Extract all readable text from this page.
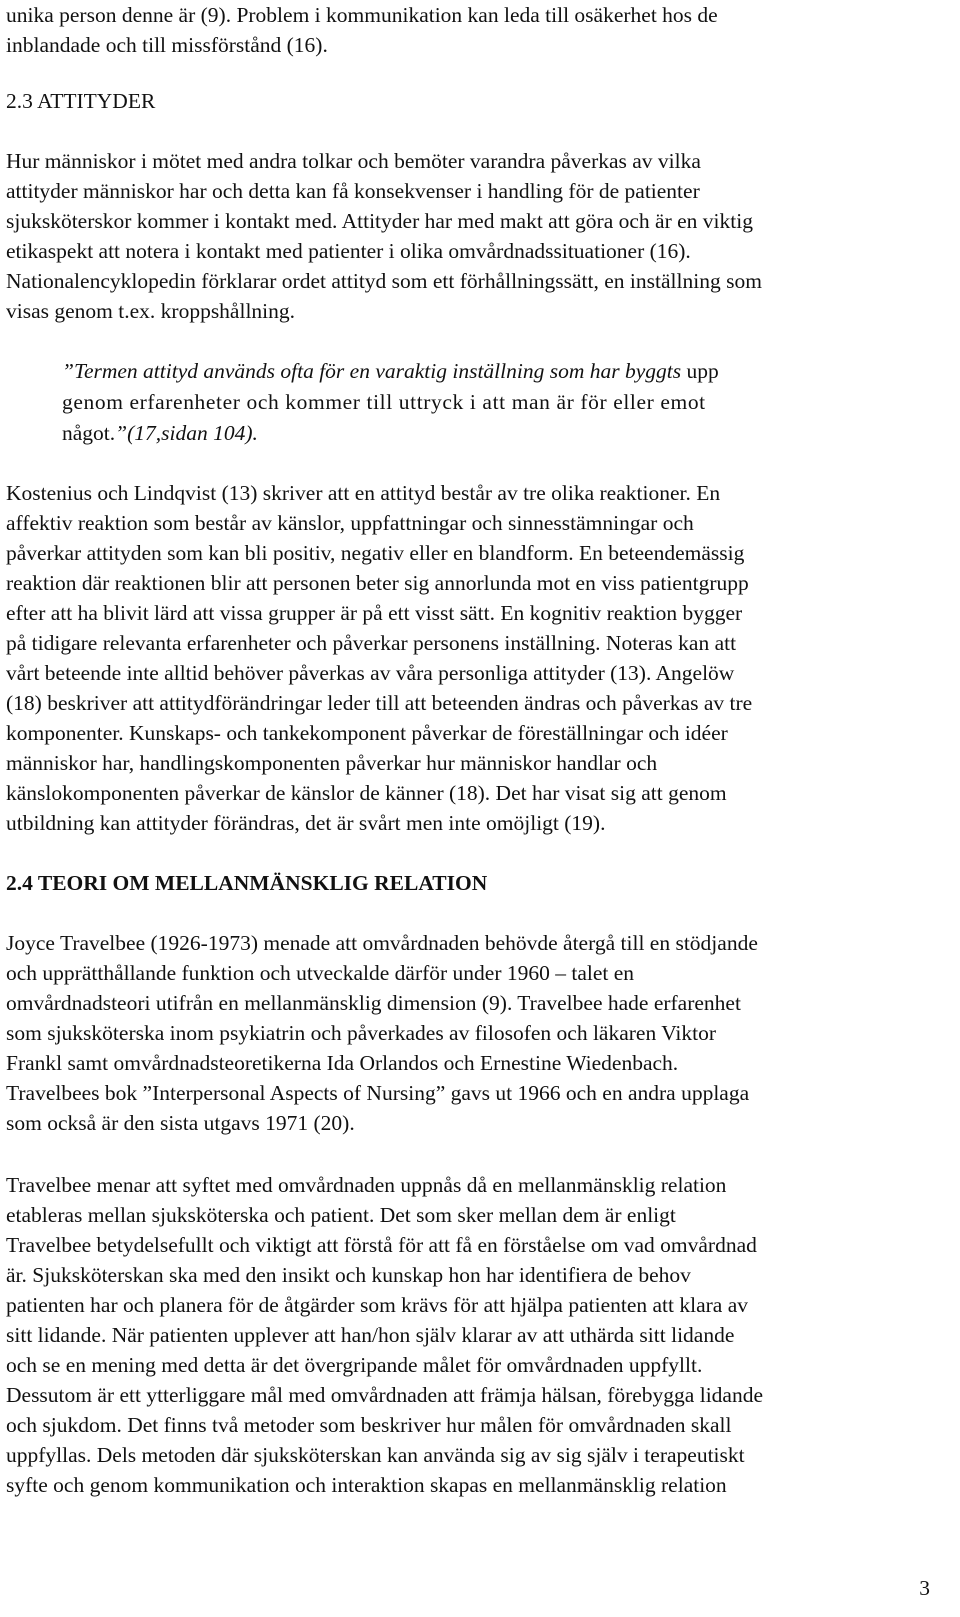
unika person denne är (9). Problem i kommunikation kan leda till osäkerhet hos de

inblandade och till missförstånd (16).

2.3 ATTITYDER

Hur människor i mötet med andra tolkar och bemöter varandra påverkas av vilka

attityder människor har och detta kan få konsekvenser i handling för de patienter

sjuksköterskor kommer i kontakt med. Attityder har med makt att göra och är en viktig

etikaspekt att notera i kontakt med patienter i olika omvårdnadssituationer (16).

Nationalencyklopedin förklarar ordet attityd som ett förhållningssätt, en inställning som

visas genom t.ex. kroppshållning.

”Termen attityd används ofta för en varaktig inställning som har byggts upp

genom erfarenheter och kommer till uttryck i att man är för eller emot

något.”(17,sidan 104).

Kostenius och Lindqvist (13) skriver att en attityd består av tre olika reaktioner. En

affektiv reaktion som består av känslor, uppfattningar och sinnesstämningar och

påverkar attityden som kan bli positiv, negativ eller en blandform. En beteendemässig

reaktion där reaktionen blir att personen beter sig annorlunda mot en viss patientgrupp

efter att ha blivit lärd att vissa grupper är på ett visst sätt. En kognitiv reaktion bygger

på tidigare relevanta erfarenheter och påverkar personens inställning. Noteras kan att

vårt beteende inte alltid behöver påverkas av våra personliga attityder (13). Angelöw

(18) beskriver att attitydförändringar leder till att beteenden ändras och påverkas av tre

komponenter. Kunskaps- och tankekomponent påverkar de föreställningar och idéer

människor har, handlingskomponenten påverkar hur människor handlar och

känslokomponenten påverkar de känslor de känner (18). Det har visat sig att genom

utbildning kan attityder förändras, det är svårt men inte omöjligt (19).

2.4 TEORI OM MELLANMÄNSKLIG RELATION

Joyce Travelbee (1926-1973) menade att omvårdnaden behövde återgå till en stödjande

och upprätthållande funktion och utveckalde därför under 1960 – talet en

omvårdnadsteori utifrån en mellanmänsklig dimension (9). Travelbee hade erfarenhet

som sjuksköterska inom psykiatrin och påverkades av filosofen och läkaren Viktor

Frankl samt omvårdnadsteoretikerna Ida Orlandos och Ernestine Wiedenbach.

Travelbees bok ”Interpersonal Aspects of Nursing” gavs ut 1966 och en andra upplaga

som också är den sista utgavs 1971 (20).

Travelbee menar att syftet med omvårdnaden uppnås då en mellanmänsklig relation

etableras mellan sjuksköterska och patient. Det som sker mellan dem är enligt

Travelbee betydelsefullt och viktigt att förstå för att få en förståelse om vad omvårdnad

är. Sjuksköterskan ska med den insikt och kunskap hon har identifiera de behov

patienten har och planera för de åtgärder som krävs för att hjälpa patienten att klara av

sitt lidande. När patienten upplever att han/hon själv klarar av att uthärda sitt lidande

och se en mening med detta är det övergripande målet för omvårdnaden uppfyllt.

Dessutom är ett ytterliggare mål med omvårdnaden att främja hälsan, förebygga lidande

och sjukdom. Det finns två metoder som beskriver hur målen för omvårdnaden skall

uppfyllas. Dels metoden där sjuksköterskan kan använda sig av sig själv i terapeutiskt

syfte och genom kommunikation och interaktion skapas en mellanmänsklig relation

3
